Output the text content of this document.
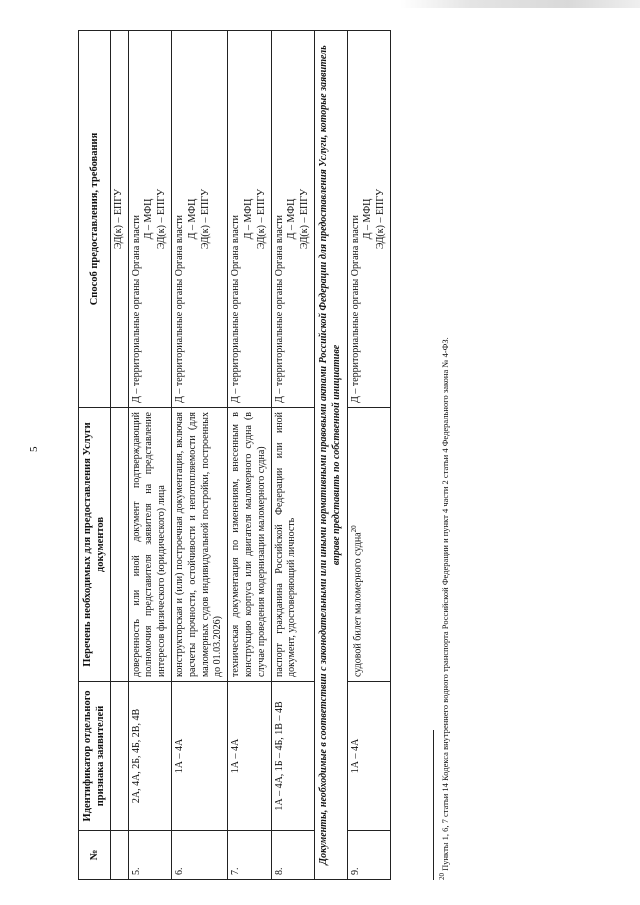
5
№	Идентификатор отдельного признака заявителей	Перечень необходимых для предоставления Услуги документов	Способ предоставления, требования
			ЭД(к) – ЕПГУ
5.	2А, 4А, 2Б, 4Б, 2В, 4В	доверенность или иной документ подтверждающий полномочия представителя заявителя на представление интересов физического (юридического) лица	Д – территориальные органы Органа власти Д – МФЦ ЭД(к) – ЕПГУ

6.	1А – 4А	конструкторская и (или) построечная документация, включая расчеты прочности, остойчивости и непотопляемости (для маломерных судов индивидуальной постройки, построенных до 01.03.2026)	Д – территориальные органы Органа власти Д – МФЦ ЭД(к) – ЕПГУ

7.	1А – 4А	техническая документация по изменениям, внесенным в конструкцию корпуса или двигателя маломерного судна (в случае проведения модернизации маломерного судна)	Д – территориальные органы Органа власти Д – МФЦ ЭД(к) – ЕПГУ

8.	1А – 4А, 1Б – 4Б, 1В – 4В	паспорт гражданина Российской Федерации или иной документ, удостоверяющий личность	Д – территориальные органы Органа власти Д – МФЦ ЭД(к) – ЕПГУ

Документы, необходимые в соответствии с законодательными или иными нормативными правовыми актами Российской Федерации для предоставления Услуги, которые заявитель вправе представить по собственной инициативе			
9.	1А – 4А	судовой билет маломерного судна$^{20}$	Д – территориальные органы Органа власти Д – МФЦ ЭД(к) – ЕПГУ
$^{20}$ Пункты 1, 6, 7 статьи 14 Кодекса внутреннего водного транспорта Российской Федерации и пункт 4 части 2 статьи 4 Федерального закона № 4-ФЗ.
